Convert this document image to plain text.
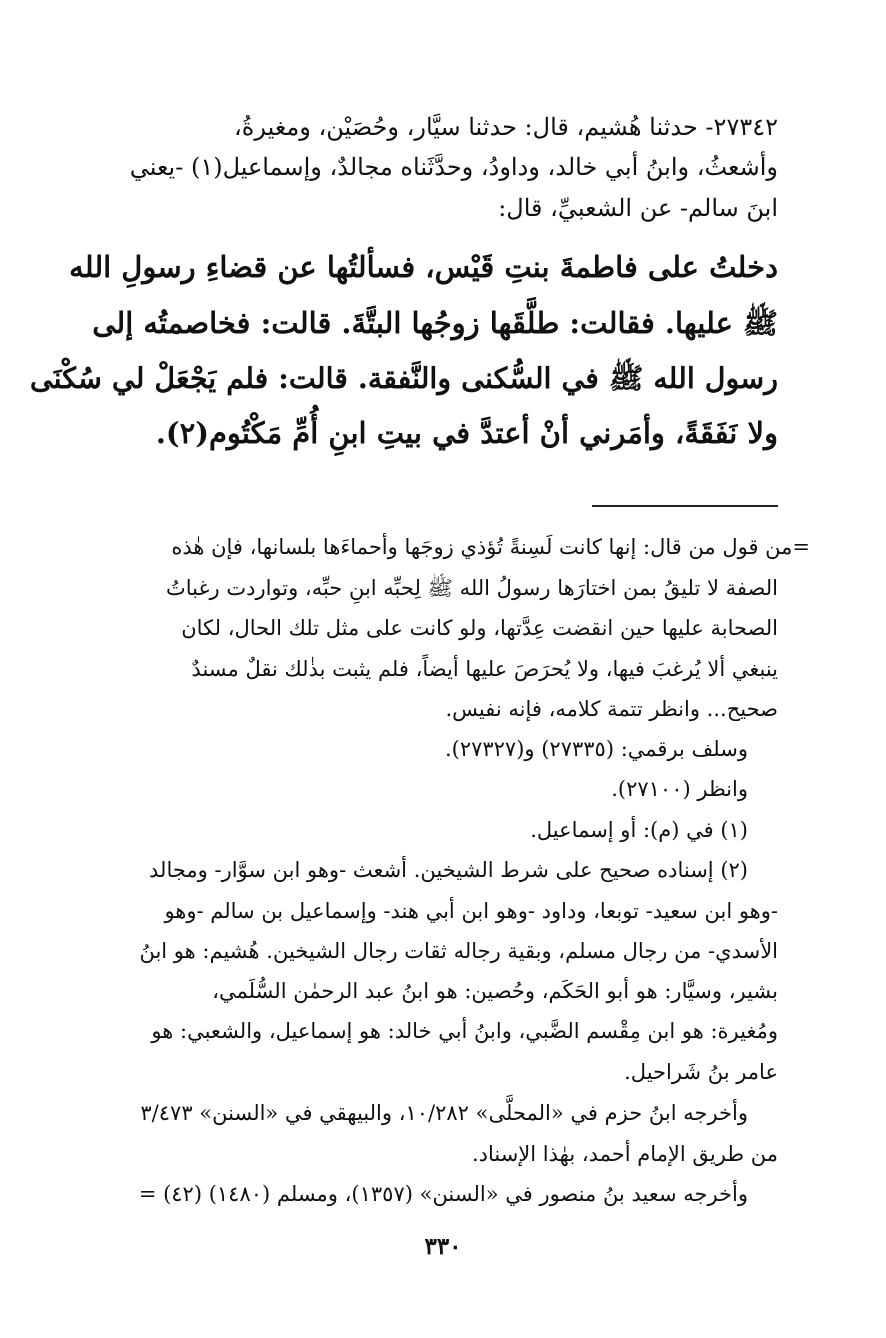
٢٧٣٤٢- حدثنا هُشيم، قال: حدثنا سيَّار، وحُصَيْن، ومغيرةُ،
وأشعثُ، وابنُ أبي خالد، وداودُ، وحدَّثَناه مجالدٌ، وإسماعيل(١) -يعني
ابنَ سالم- عن الشعبيِّ، قال:
دخلتُ على فاطمةَ بنتِ قَيْس، فسألتُها عن قضاءِ رسولِ الله
ﷺ عليها. فقالت: طلَّقَها زوجُها البتَّةَ. قالت: فخاصمتُه إلى
رسول الله ﷺ في السُّكنى والنَّفقة. قالت: فلم يَجْعَلْ لي سُكْنَى
ولا نَفَقَةً، وأمَرني أنْ أعتدَّ في بيتِ ابنِ أُمِّ مَكْتُوم(٢).
=من قول من قال: إنها كانت لَسِنةً تُؤذي زوجَها وأحماءَها بلسانها، فإن هٰذه
الصفة لا تليقُ بمن اختارَها رسولُ الله ﷺ لِحبِّه ابنِ حبِّه، وتواردت رغباتُ
الصحابة عليها حين انقضت عِدَّتها، ولو كانت على مثل تلك الحال، لكان
ينبغي ألا يُرغبَ فيها، ولا يُحرَصَ عليها أيضاً، فلم يثبت بذٰلك نقلٌ مسندٌ
صحيح... وانظر تتمة كلامه، فإنه نفيس.
وسلف برقمي: (٢٧٣٣٥) و(٢٧٣٢٧).
وانظر (٢٧١٠٠).
(١) في (م): أو إسماعيل.
(٢) إسناده صحيح على شرط الشيخين. أشعث -وهو ابن سوَّار- ومجالد
-وهو ابن سعيد- توبعا، وداود -وهو ابن أبي هند- وإسماعيل بن سالم -وهو
الأسدي- من رجال مسلم، وبقية رجاله ثقات رجال الشيخين. هُشيم: هو ابنُ
بشير، وسيَّار: هو أبو الحَكَم، وحُصين: هو ابنُ عبد الرحمٰن السُّلَمي،
ومُغيرة: هو ابن مِقْسم الضَّبي، وابنُ أبي خالد: هو إسماعيل، والشعبي: هو
عامر بنُ شَراحيل.
وأخرجه ابنُ حزم في «المحلَّى» ١٠/٢٨٢، والبيهقي في «السنن» ٣/٤٧٣
من طريق الإمام أحمد، بهٰذا الإسناد.
وأخرجه سعيد بنُ منصور في «السنن» (١٣٥٧)، ومسلم (١٤٨٠) (٤٢) =
٣٣٠
